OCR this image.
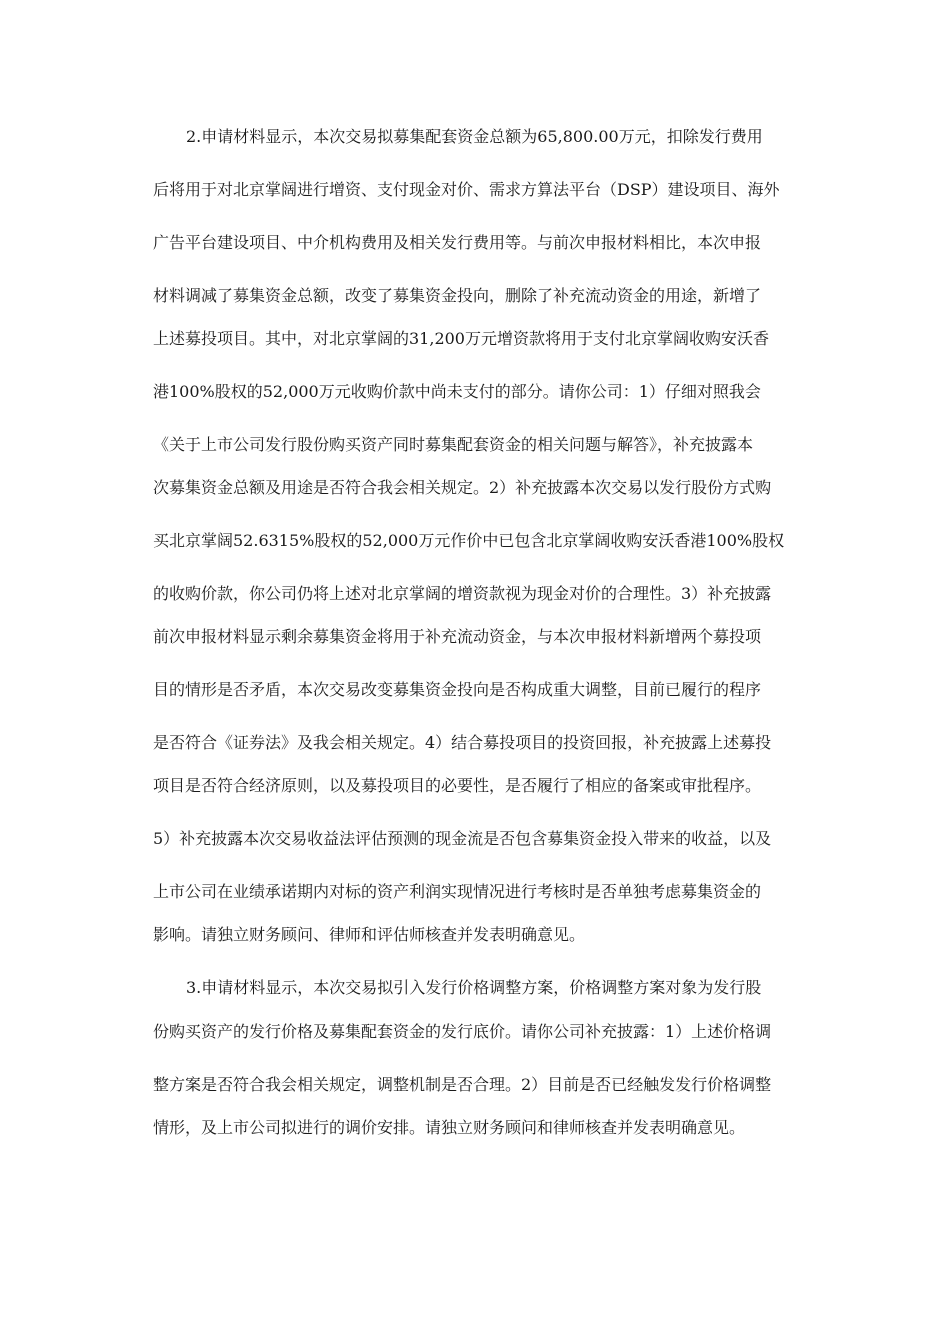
2.申请材料显示，本次交易拟募集配套资金总额为65,800.00万元，扣除发行费用
后将用于对北京掌阔进行增资、支付现金对价、需求方算法平台（DSP）建设项目、海外
广告平台建设项目、中介机构费用及相关发行费用等。与前次申报材料相比，本次申报
材料调减了募集资金总额，改变了募集资金投向，删除了补充流动资金的用途，新增了
上述募投项目。其中，对北京掌阔的31,200万元增资款将用于支付北京掌阔收购安沃香
港100%股权的52,000万元收购价款中尚未支付的部分。请你公司：1）仔细对照我会
《关于上市公司发行股份购买资产同时募集配套资金的相关问题与解答》，补充披露本
次募集资金总额及用途是否符合我会相关规定。2）补充披露本次交易以发行股份方式购
买北京掌阔52.6315%股权的52,000万元作价中已包含北京掌阔收购安沃香港100%股权
的收购价款，你公司仍将上述对北京掌阔的增资款视为现金对价的合理性。3）补充披露
前次申报材料显示剩余募集资金将用于补充流动资金，与本次申报材料新增两个募投项
目的情形是否矛盾，本次交易改变募集资金投向是否构成重大调整，目前已履行的程序
是否符合《证券法》及我会相关规定。4）结合募投项目的投资回报，补充披露上述募投
项目是否符合经济原则，以及募投项目的必要性，是否履行了相应的备案或审批程序。
5）补充披露本次交易收益法评估预测的现金流是否包含募集资金投入带来的收益，以及
上市公司在业绩承诺期内对标的资产利润实现情况进行考核时是否单独考虑募集资金的
影响。请独立财务顾问、律师和评估师核查并发表明确意见。
3.申请材料显示，本次交易拟引入发行价格调整方案，价格调整方案对象为发行股
份购买资产的发行价格及募集配套资金的发行底价。请你公司补充披露：1）上述价格调
整方案是否符合我会相关规定，调整机制是否合理。2）目前是否已经触发发行价格调整
情形，及上市公司拟进行的调价安排。请独立财务顾问和律师核查并发表明确意见。
